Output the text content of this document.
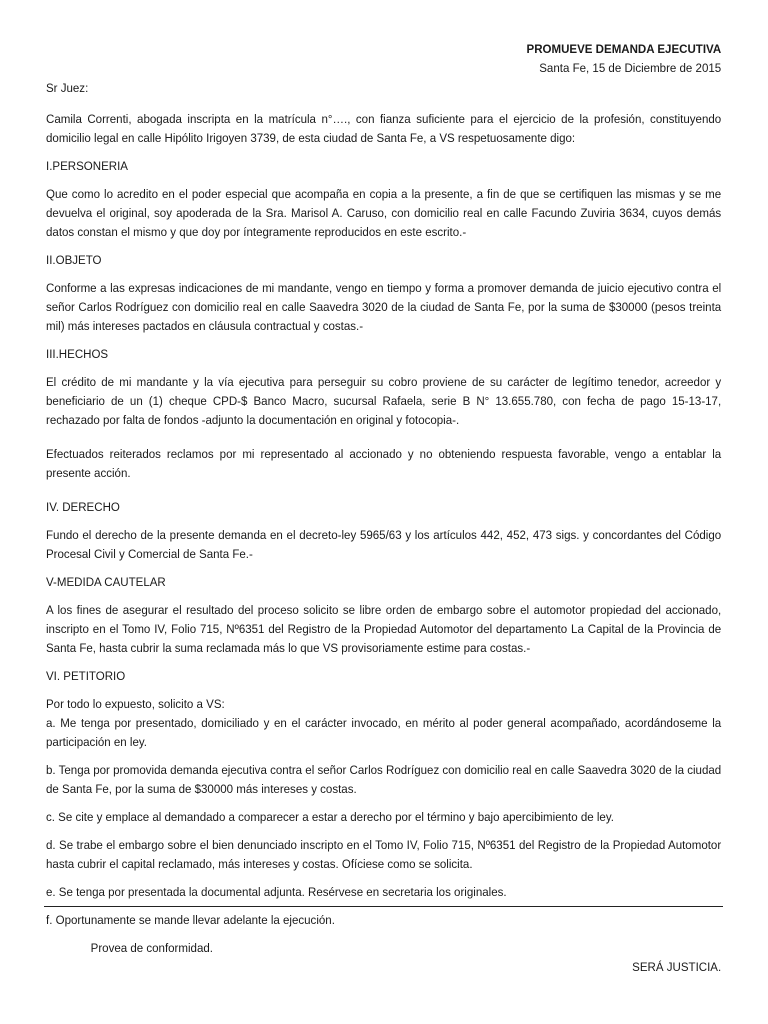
PROMUEVE DEMANDA EJECUTIVA

Santa Fe, 15 de Diciembre de 2015

Sr Juez:

Camila Correnti, abogada inscripta en la matrícula n°…., con fianza suficiente para el ejercicio de la profesión, constituyendo domicilio legal en calle Hipólito Irigoyen 3739, de esta ciudad de Santa Fe, a VS respetuosamente digo:

I.PERSONERIA

Que como lo acredito en el poder especial que acompaña en copia a la presente, a fin de que se certifiquen las mismas y se me devuelva el original, soy apoderada de la Sra. Marisol A. Caruso, con domicilio real en calle Facundo Zuviria 3634, cuyos demás datos constan el mismo y que doy por íntegramente reproducidos en este escrito.-

II.OBJETO

Conforme a las expresas indicaciones de mi mandante, vengo en tiempo y forma a promover demanda de juicio ejecutivo contra el señor Carlos Rodríguez con domicilio real en calle Saavedra 3020 de la ciudad de Santa Fe, por la suma de $30000 (pesos treinta mil) más intereses pactados en cláusula contractual y costas.-

III.HECHOS

El crédito de mi mandante y la vía ejecutiva para perseguir su cobro proviene de su carácter de legítimo tenedor, acreedor y beneficiario de un (1) cheque CPD-$ Banco Macro, sucursal Rafaela, serie B N° 13.655.780, con fecha de pago 15-13-17, rechazado por falta de fondos -adjunto la documentación en original y fotocopia-.

Efectuados reiterados reclamos por mi representado al accionado y no obteniendo respuesta favorable, vengo a entablar la presente acción.

IV. DERECHO

Fundo el derecho de la presente demanda en el decreto-ley 5965/63 y los artículos 442, 452, 473 sigs. y concordantes del Código Procesal Civil y Comercial de Santa Fe.-

V-MEDIDA CAUTELAR

A los fines de asegurar el resultado del proceso solicito se libre orden de embargo sobre el automotor propiedad del accionado, inscripto en el Tomo IV, Folio 715, Nº6351 del Registro de la Propiedad Automotor del departamento La Capital de la Provincia de Santa Fe, hasta cubrir la suma reclamada más lo que VS provisoriamente estime para costas.-

VI. PETITORIO

Por todo lo expuesto, solicito a VS:

a. Me tenga por presentado, domiciliado y en el carácter invocado, en mérito al poder general acompañado, acordándoseme la participación en ley.

b. Tenga por promovida demanda ejecutiva contra el señor Carlos Rodríguez con domicilio real en calle Saavedra 3020 de la ciudad de Santa Fe, por la suma de $30000 más intereses y costas.

c. Se cite y emplace al demandado a comparecer a estar a derecho por el término y bajo apercibimiento de ley.

d. Se trabe el embargo sobre el bien denunciado inscripto en el Tomo IV, Folio 715, Nº6351 del Registro de la Propiedad Automotor hasta cubrir el capital reclamado, más intereses y costas. Ofíciese como se solicita.

e. Se tenga por presentada la documental adjunta. Resérvese en secretaria los originales.

f. Oportunamente se mande llevar adelante la ejecución.

Provea de conformidad.

SERÁ JUSTICIA.
